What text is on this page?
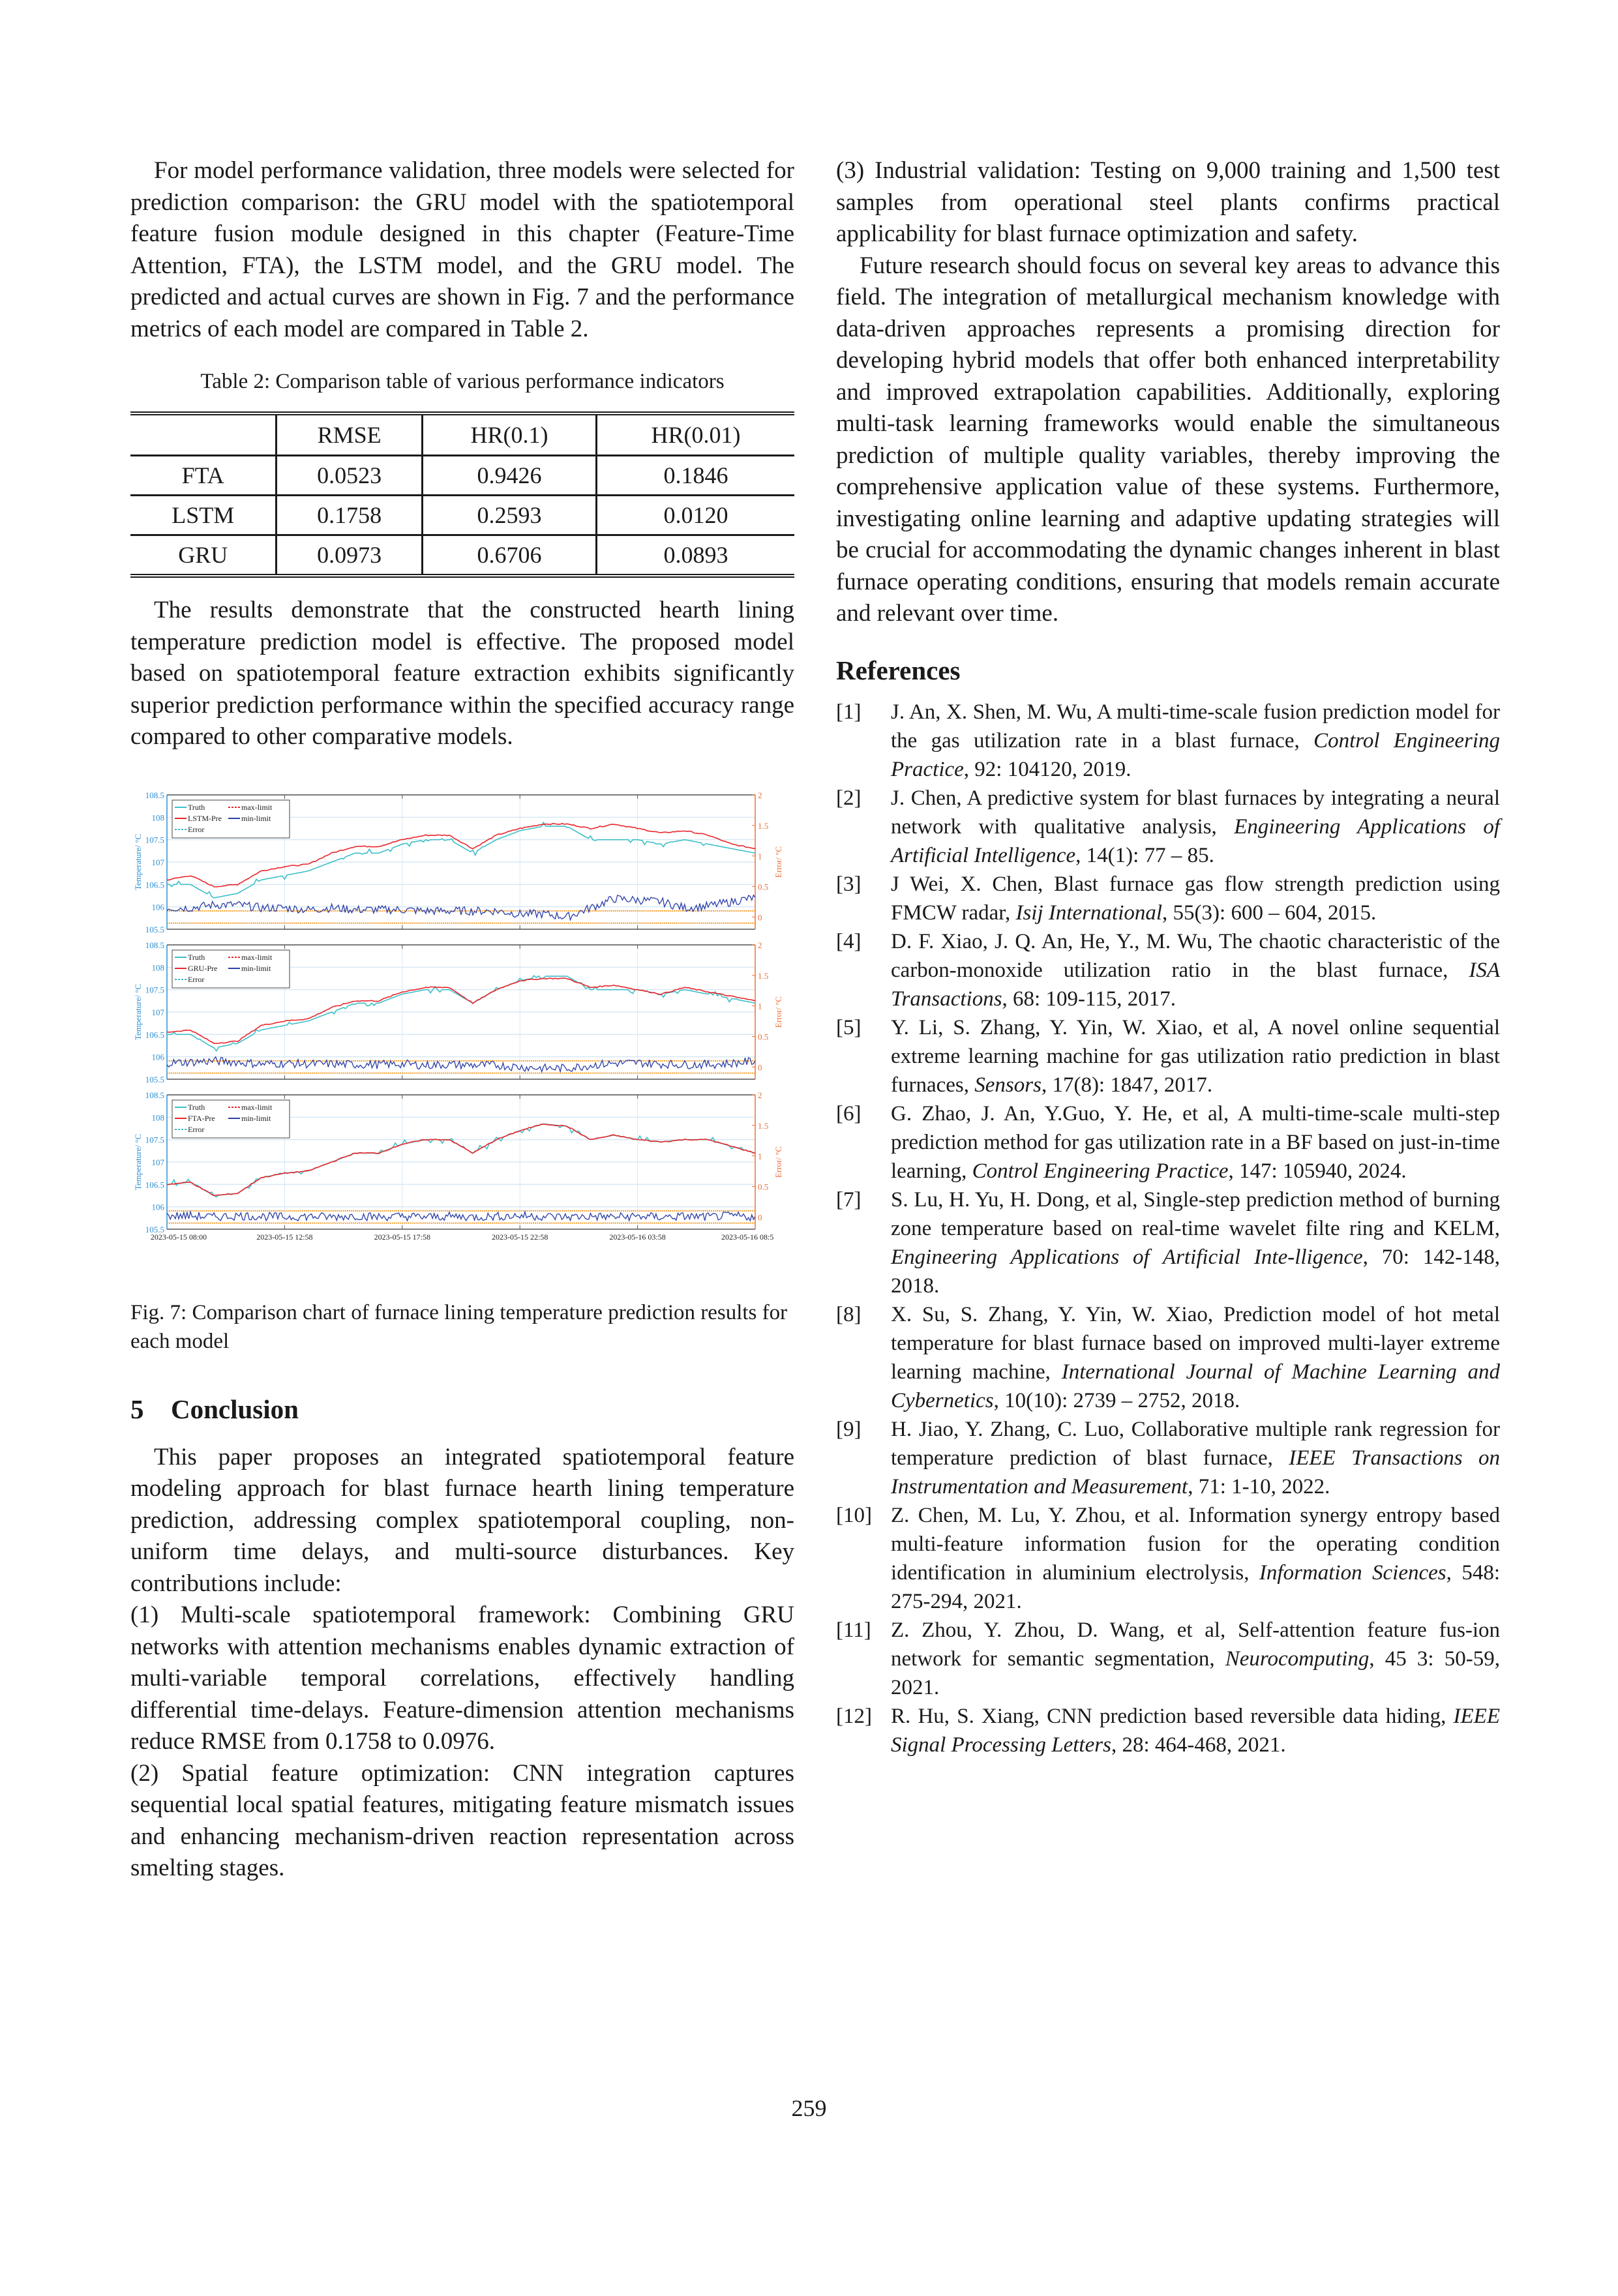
For model performance validation, three models were selected for prediction comparison: the GRU model with the spatiotemporal feature fusion module designed in this chapter (Feature-Time Attention, FTA), the LSTM model, and the GRU model. The predicted and actual curves are shown in Fig. 7 and the performance metrics of each model are compared in Table 2.

Table 2: Comparison table of various performance indicators
	RMSE	HR(0.1)	HR(0.01)
FTA	0.0523	0.9426	0.1846
LSTM	0.1758	0.2593	0.0120
GRU	0.0973	0.6706	0.0893

The results demonstrate that the constructed hearth lining temperature prediction model is effective. The proposed model based on spatiotemporal feature extraction exhibits significantly superior prediction performance within the specified accuracy range compared to other comparative models.

108.5
108
107.5
107
106.5
106
105.5
2
1.5
1
0.5
0
Temperature/ °C	Error/ °C
Truth	max-limit
LSTM-Pre	min-limit
Error
108.5
108
107.5
107
106.5
106
105.5
2
1.5
1
0.5
0
Temperature/ °C	Error/ °C
Truth	max-limit
GRU-Pre	min-limit
Error
108.5
108
107.5
107
106.5
106
105.5
2
1.5
1
0.5
0
Temperature/ °C	Error/ °C
Truth	max-limit
FTA-Pre	min-limit
Error
2023-05-15 08:00	2023-05-15 12:58	2023-05-15 17:58	2023-05-15 22:58	2023-05-16 03:58	2023-05-16 08:5
Fig. 7: Comparison chart of furnace lining temperature prediction results for each model
5 Conclusion

This paper proposes an integrated spatiotemporal feature modeling approach for blast furnace hearth lining temperature prediction, addressing complex spatiotemporal coupling, non-uniform time delays, and multi-source disturbances. Key contributions include:

(1) Multi-scale spatiotemporal framework: Combining GRU networks with attention mechanisms enables dynamic extraction of multi-variable temporal correlations, effectively handling differential time-delays. Feature-dimension attention mechanisms reduce RMSE from 0.1758 to 0.0976.

(2) Spatial feature optimization: CNN integration captures sequential local spatial features, mitigating feature mismatch issues and enhancing mechanism-driven reaction representation across smelting stages.

(3) Industrial validation: Testing on 9,000 training and 1,500 test samples from operational steel plants confirms practical applicability for blast furnace optimization and safety.

Future research should focus on several key areas to advance this field. The integration of metallurgical mechanism knowledge with data-driven approaches represents a promising direction for developing hybrid models that offer both enhanced interpretability and improved extrapolation capabilities. Additionally, exploring multi-task learning frameworks would enable the simultaneous prediction of multiple quality variables, thereby improving the comprehensive application value of these systems. Furthermore, investigating online learning and adaptive updating strategies will be crucial for accommodating the dynamic changes inherent in blast furnace operating conditions, ensuring that models remain accurate and relevant over time.

References
[1] J. An, X. Shen, M. Wu, A multi-time-scale fusion prediction model for the gas utilization rate in a blast furnace, Control Engineering Practice, 92: 104120, 2019.
[2] J. Chen, A predictive system for blast furnaces by integrating a neural network with qualitative analysis, Engineering Applications of Artificial Intelligence, 14(1): 77 – 85.
[3] J Wei, X. Chen, Blast furnace gas flow strength prediction using FMCW radar, Isij International, 55(3): 600 – 604, 2015.
[4] D. F. Xiao, J. Q. An, He, Y., M. Wu, The chaotic characteristic of the carbon-monoxide utilization ratio in the blast furnace, ISA Transactions, 68: 109-115, 2017.
[5] Y. Li, S. Zhang, Y. Yin, W. Xiao, et al, A novel online sequential extreme learning machine for gas utilization ratio prediction in blast furnaces, Sensors, 17(8): 1847, 2017.
[6] G. Zhao, J. An, Y.Guo, Y. He, et al, A multi-time-scale multi-step prediction method for gas utilization rate in a BF based on just-in-time learning, Control Engineering Practice, 147: 105940, 2024.
[7] S. Lu, H. Yu, H. Dong, et al, Single-step prediction method of burning zone temperature based on real-time wavelet filte ring and KELM, Engineering Applications of Artificial Inte-lligence, 70: 142-148, 2018.
[8] X. Su, S. Zhang, Y. Yin, W. Xiao, Prediction model of hot metal temperature for blast furnace based on improved multi-layer extreme learning machine, International Journal of Machine Learning and Cybernetics, 10(10): 2739 – 2752, 2018.
[9] H. Jiao, Y. Zhang, C. Luo, Collaborative multiple rank regression for temperature prediction of blast furnace, IEEE Transactions on Instrumentation and Measurement, 71: 1-10, 2022.
[10] Z. Chen, M. Lu, Y. Zhou, et al. Information synergy entropy based multi-feature information fusion for the operating condition identification in aluminium electrolysis, Information Sciences, 548: 275-294, 2021.
[11] Z. Zhou, Y. Zhou, D. Wang, et al, Self-attention feature fus-ion network for semantic segmentation, Neurocomputing, 45 3: 50-59, 2021.
[12] R. Hu, S. Xiang, CNN prediction based reversible data hiding, IEEE Signal Processing Letters, 28: 464-468, 2021.
259
